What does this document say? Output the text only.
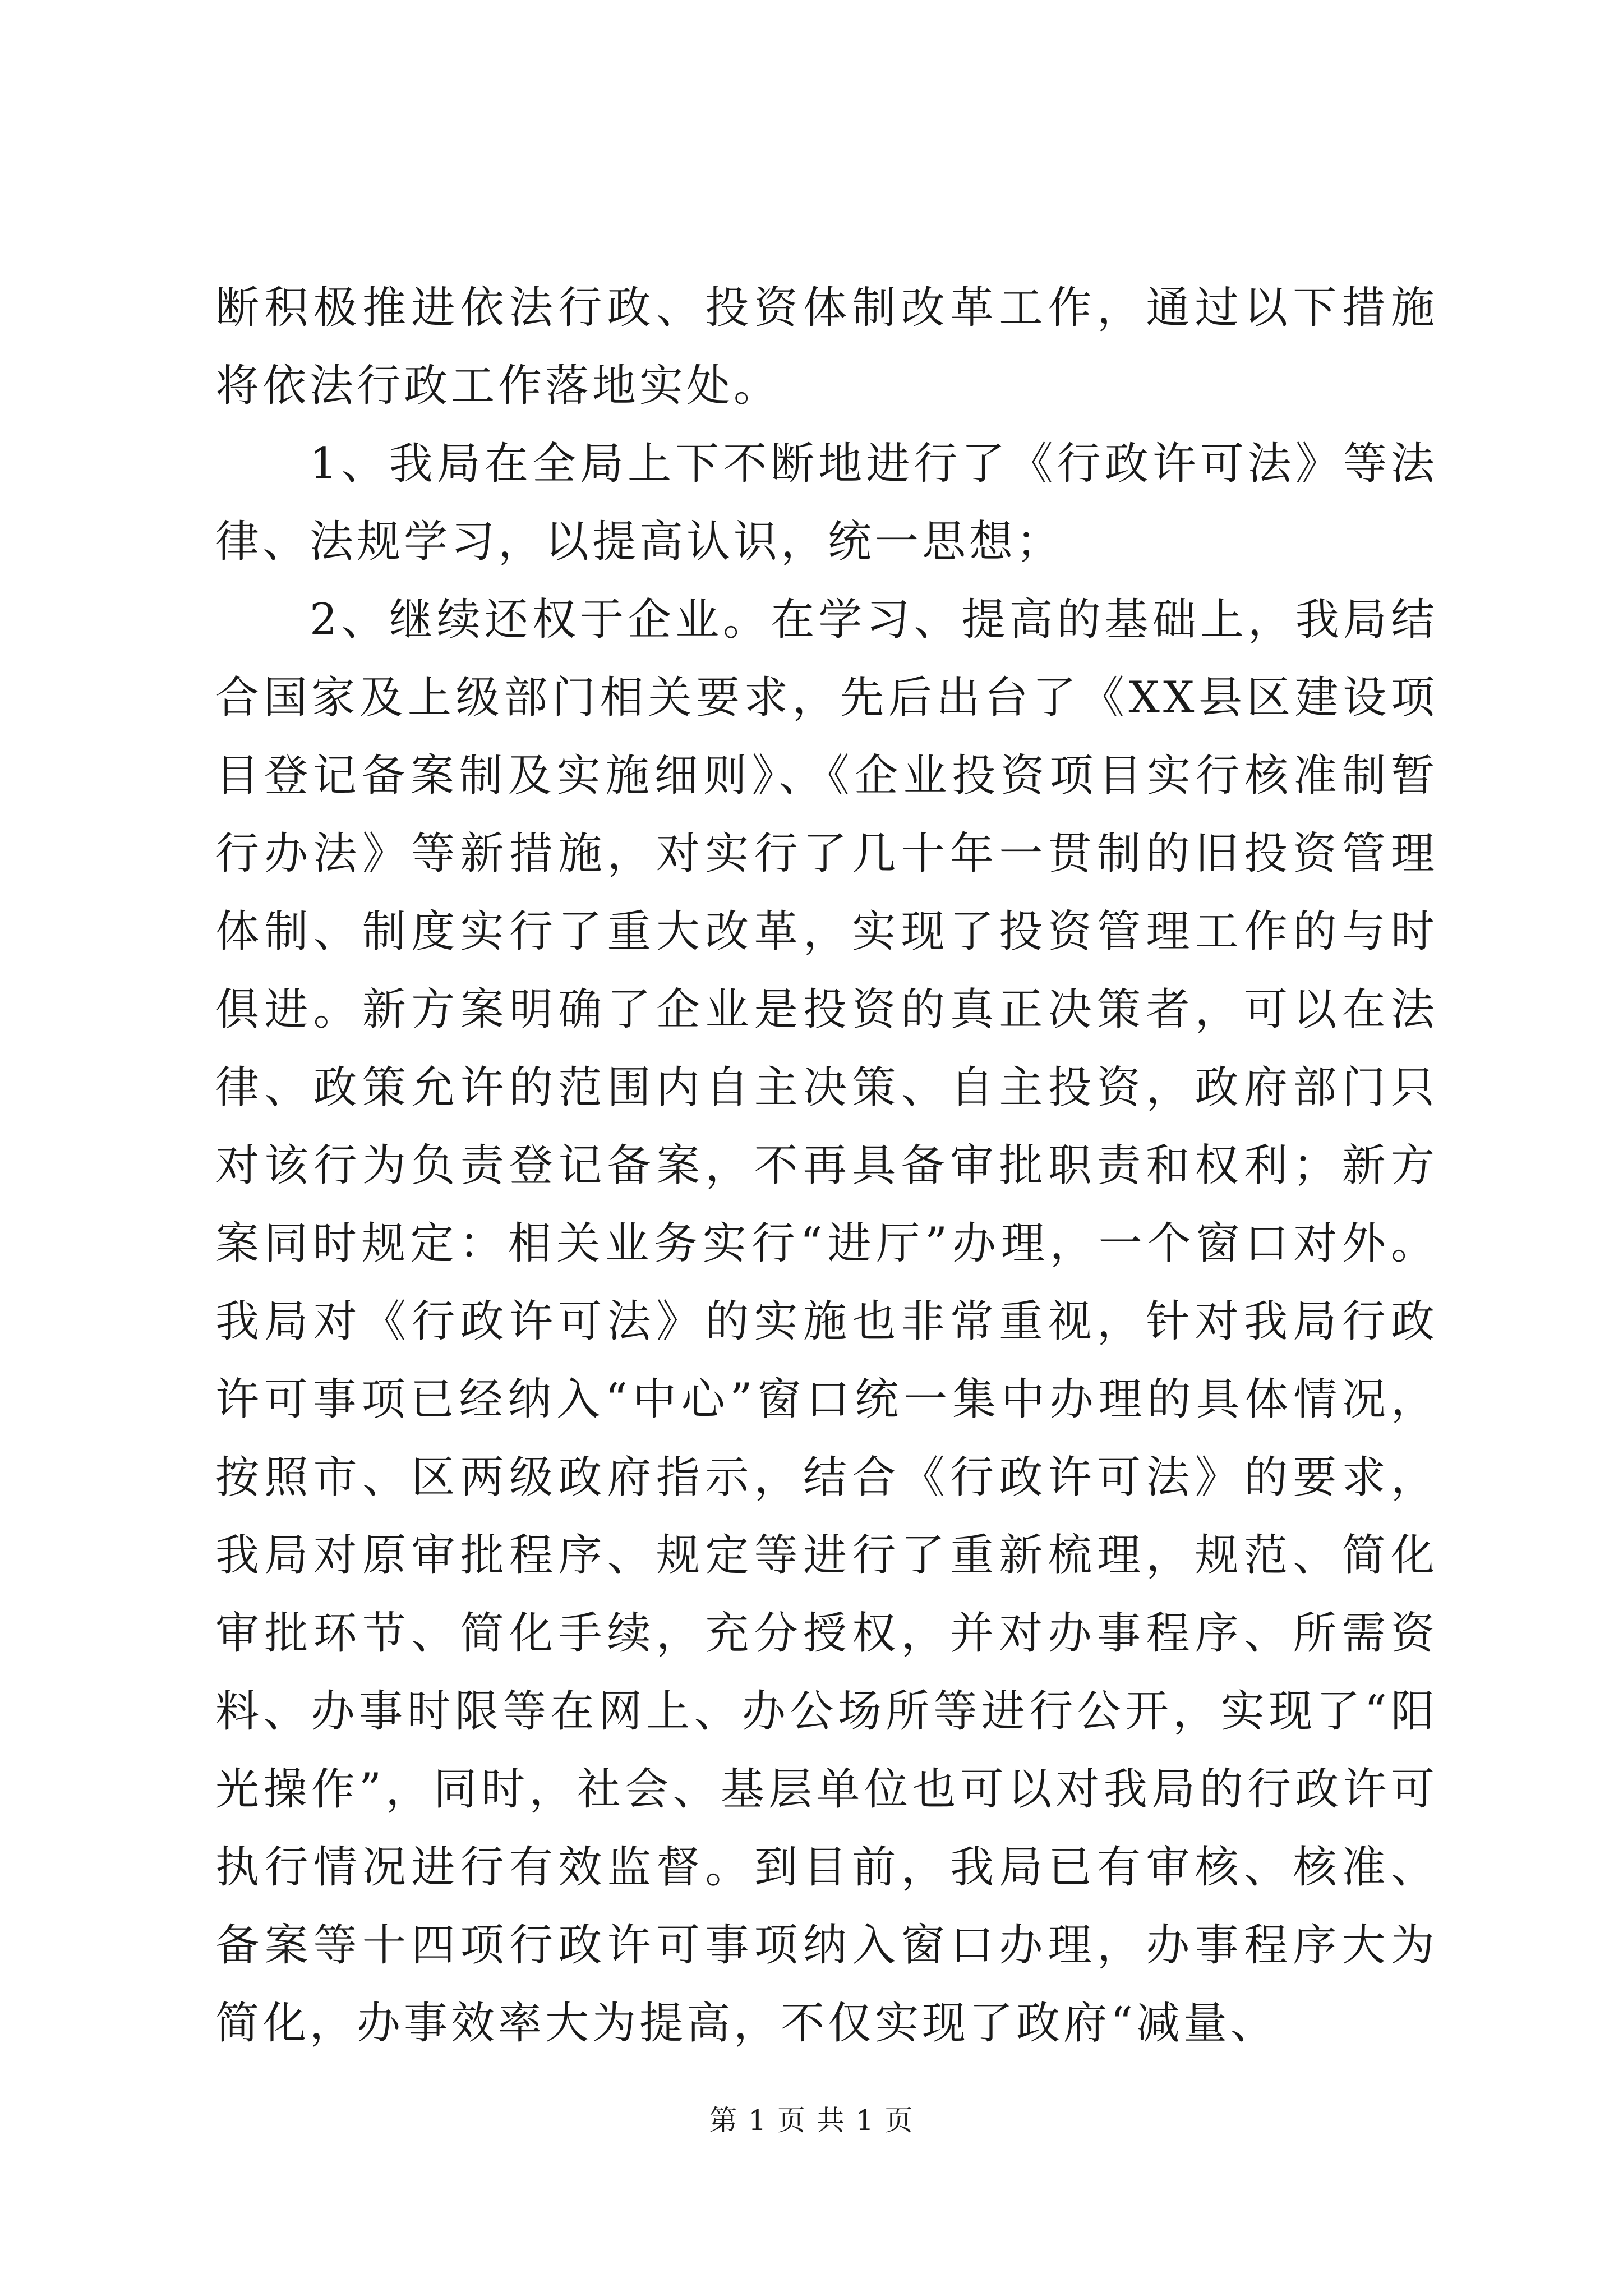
断积极推进依法行政、投资体制改革工作，通过以下措施将依法行政工作落地实处。

1、我局在全局上下不断地进行了《行政许可法》等法律、法规学习，以提高认识，统一思想；

2、继续还权于企业。在学习、提高的基础上，我局结合国家及上级部门相关要求，先后出台了《XX县区建设项目登记备案制及实施细则》、《企业投资项目实行核准制暂行办法》等新措施，对实行了几十年一贯制的旧投资管理体制、制度实行了重大改革，实现了投资管理工作的与时俱进。新方案明确了企业是投资的真正决策者，可以在法律、政策允许的范围内自主决策、自主投资，政府部门只对该行为负责登记备案，不再具备审批职责和权利；新方案同时规定：相关业务实行“进厅”办理，一个窗口对外。我局对《行政许可法》的实施也非常重视，针对我局行政许可事项已经纳入“中心”窗口统一集中办理的具体情况，按照市、区两级政府指示，结合《行政许可法》的要求，我局对原审批程序、规定等进行了重新梳理，规范、简化审批环节、简化手续，充分授权，并对办事程序、所需资料、办事时限等在网上、办公场所等进行公开，实现了“阳光操作”，同时，社会、基层单位也可以对我局的行政许可执行情况进行有效监督。到目前，我局已有审核、核准、备案等十四项行政许可事项纳入窗口办理，办事程序大为简化，办事效率大为提高，不仅实现了政府“减量、

第 1 页 共 1 页
